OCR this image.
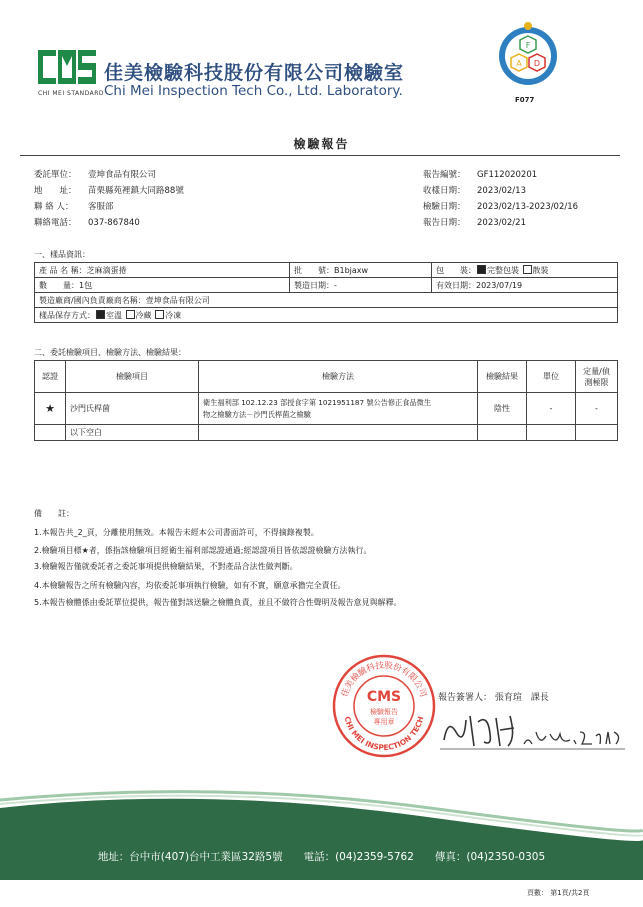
CHI MEI STANDARD
佳美檢驗科技股份有限公司檢驗室
Chi Mei Inspection Tech Co., Ltd. Laboratory.
F
A D
F077
檢驗報告
委託單位： 壹坤食品有限公司
地　　址： 苗栗縣苑裡鎮大同路88號
聯 絡 人： 客服部
聯絡電話： 037-867840
報告編號： GF112020201
收樣日期： 2023/02/13
檢驗日期： 2023/02/13-2023/02/16
報告日期： 2023/02/21
一、樣品資訊：
產 品 名 稱：芝麻滴蛋捲	批　　號：B1bjaxw	包　　裝： 完整包裝 散裝
數　　量：1包	製造日期：-	有效日期：2023/07/19
製造廠商/國內負責廠商名稱：壹坤食品有限公司		
樣品保存方式： 室溫 冷藏 冷凍		
二、委託檢驗項目、檢驗方法、檢驗結果：
認證	檢驗項目	檢驗方法	檢驗結果	單位	定量/偵測極限
★	沙門氏桿菌	衛生福利部 102.12.23 部授食字第 1021951187 號公告修正食品微生
物之檢驗方法－沙門氏桿菌之檢驗	陰性	-	-
	以下空白				
備　　註：
1.本報告共_2_頁，分離使用無效。本報告未經本公司書面許可，不得摘錄複製。
2.檢驗項目標★者，係指該檢驗項目經衛生福利部認證通過;經認證項目皆依認證檢驗方法執行。
3.檢驗報告僅就委託者之委託事項提供檢驗結果，不對產品合法性做判斷。
4.本檢驗報告之所有檢驗內容，均依委託事項執行檢驗，如有不實，願意承擔完全責任。
5.本報告檢體係由委託單位提供，報告僅對該送驗之檢體負責，並且不做符合性聲明及報告意見與解釋。
佳美檢驗科技股份有限公司
CHI MEI INSPECTION TECH
CMS
檢驗報告
專用章
報告簽署人： 張育瑄　課長
地址：台中市(407)台中工業區32路5號　　電話：(04)2359-5762　　傳真：(04)2350-0305
頁數： 第1頁/共2頁
